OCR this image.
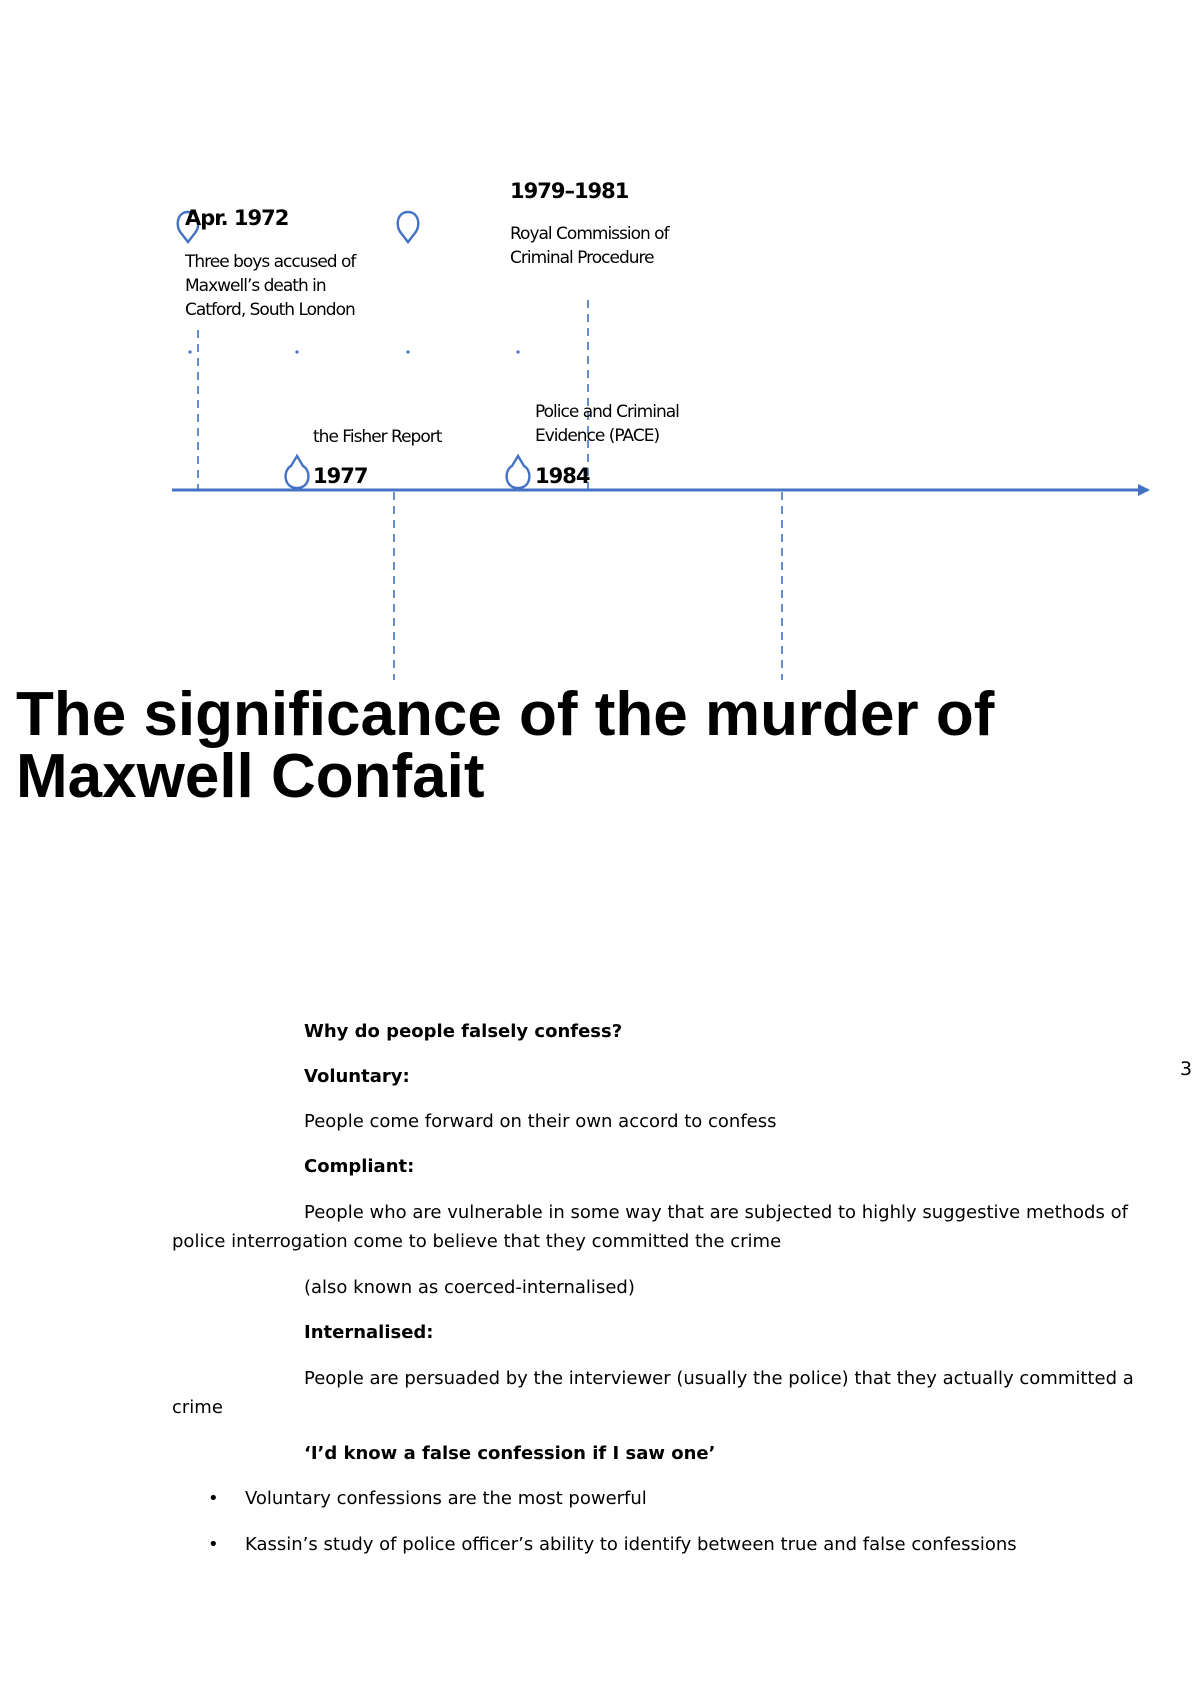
Apr. 1972
Three boys accused of
Maxwell’s death in
Catford, South London
1977
the Fisher Report
1979–1981
Royal Commission of
Criminal Procedure
1984
Police and Criminal
Evidence (PACE)
The significance of the murder of Maxwell Confait
3
Why do people falsely confess?
Voluntary:
People come forward on their own accord to confess
Compliant:
People who are vulnerable in some way that are subjected to highly suggestive methods of
police interrogation come to believe that they committed the crime
(also known as coerced-internalised)
Internalised:
People are persuaded by the interviewer (usually the police) that they actually committed a
crime
‘I’d know a false confession if I saw one’
• Voluntary confessions are the most powerful
• Kassin’s study of police officer’s ability to identify between true and false confessions
